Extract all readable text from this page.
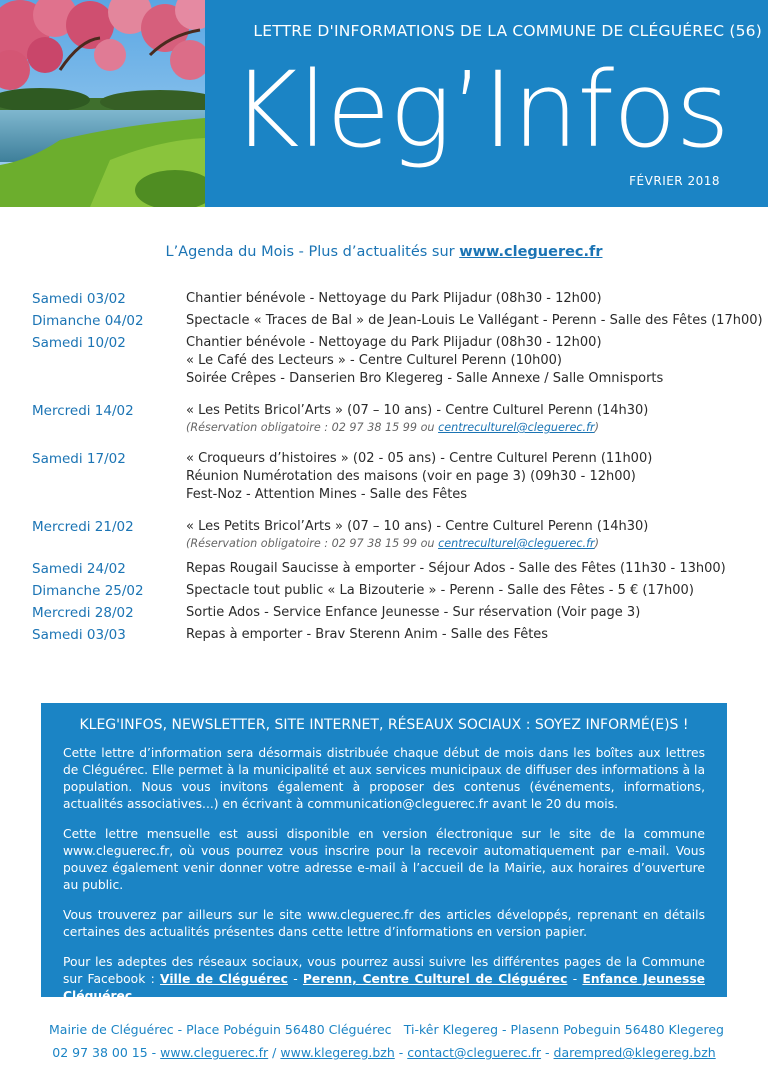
LETTRE D'INFORMATIONS DE LA COMMUNE DE CLÉGUÉREC (56)
Kleg’Infos
FÉVRIER 2018
L’Agenda du Mois - Plus d’actualités sur www.cleguerec.fr
Samedi 03/02	Chantier bénévole - Nettoyage du Park Plijadur (08h30 - 12h00)
Dimanche 04/02	Spectacle « Traces de Bal » de Jean-Louis Le Vallégant - Perenn - Salle des Fêtes (17h00)
Samedi 10/02	Chantier bénévole - Nettoyage du Park Plijadur (08h30 - 12h00)
« Le Café des Lecteurs » - Centre Culturel Perenn (10h00)
Soirée Crêpes - Danserien Bro Klegereg - Salle Annexe / Salle Omnisports
Mercredi 14/02	« Les Petits Bricol’Arts » (07 – 10 ans) - Centre Culturel Perenn (14h30)
(Réservation obligatoire : 02 97 38 15 99 ou centreculturel@cleguerec.fr)
Samedi 17/02	« Croqueurs d’histoires » (02 - 05 ans) - Centre Culturel Perenn (11h00)
Réunion Numérotation des maisons (voir en page 3) (09h30 - 12h00)
Fest-Noz - Attention Mines - Salle des Fêtes
Mercredi 21/02	« Les Petits Bricol’Arts » (07 – 10 ans) - Centre Culturel Perenn (14h30)
(Réservation obligatoire : 02 97 38 15 99 ou centreculturel@cleguerec.fr)
Samedi 24/02	Repas Rougail Saucisse à emporter - Séjour Ados - Salle des Fêtes (11h30 - 13h00)
Dimanche 25/02	Spectacle tout public « La Bizouterie » - Perenn - Salle des Fêtes - 5 € (17h00)
Mercredi 28/02	Sortie Ados - Service Enfance Jeunesse - Sur réservation (Voir page 3)
Samedi 03/03	Repas à emporter - Brav Sterenn Anim - Salle des Fêtes
KLEG'INFOS, NEWSLETTER, SITE INTERNET, RÉSEAUX SOCIAUX : SOYEZ INFORMÉ(E)S !

Cette lettre d’information sera désormais distribuée chaque début de mois dans les boîtes aux lettres de Cléguérec. Elle permet à la municipalité et aux services municipaux de diffuser des informations à la population. Nous vous invitons également à proposer des contenus (événements, informations, actualités associatives...) en écrivant à communication@cleguerec.fr avant le 20 du mois.

Cette lettre mensuelle est aussi disponible en version électronique sur le site de la commune www.cleguerec.fr, où vous pourrez vous inscrire pour la recevoir automatiquement par e-mail. Vous pouvez également venir donner votre adresse e-mail à l’accueil de la Mairie, aux horaires d’ouverture au public.

Vous trouverez par ailleurs sur le site www.cleguerec.fr des articles développés, reprenant en détails certaines des actualités présentes dans cette lettre d’informations en version papier.

Pour les adeptes des réseaux sociaux, vous pourrez aussi suivre les différentes pages de la Commune sur Facebook : Ville de Cléguérec - Perenn, Centre Culturel de Cléguérec - Enfance Jeunesse Cléguérec...

Mairie de Cléguérec - Place Pobéguin 56480 Cléguérec Ti-kêr Klegereg - Plasenn Pobeguin 56480 Klegereg
02 97 38 00 15 - www.cleguerec.fr / www.klegereg.bzh - contact@cleguerec.fr - darempred@klegereg.bzh
